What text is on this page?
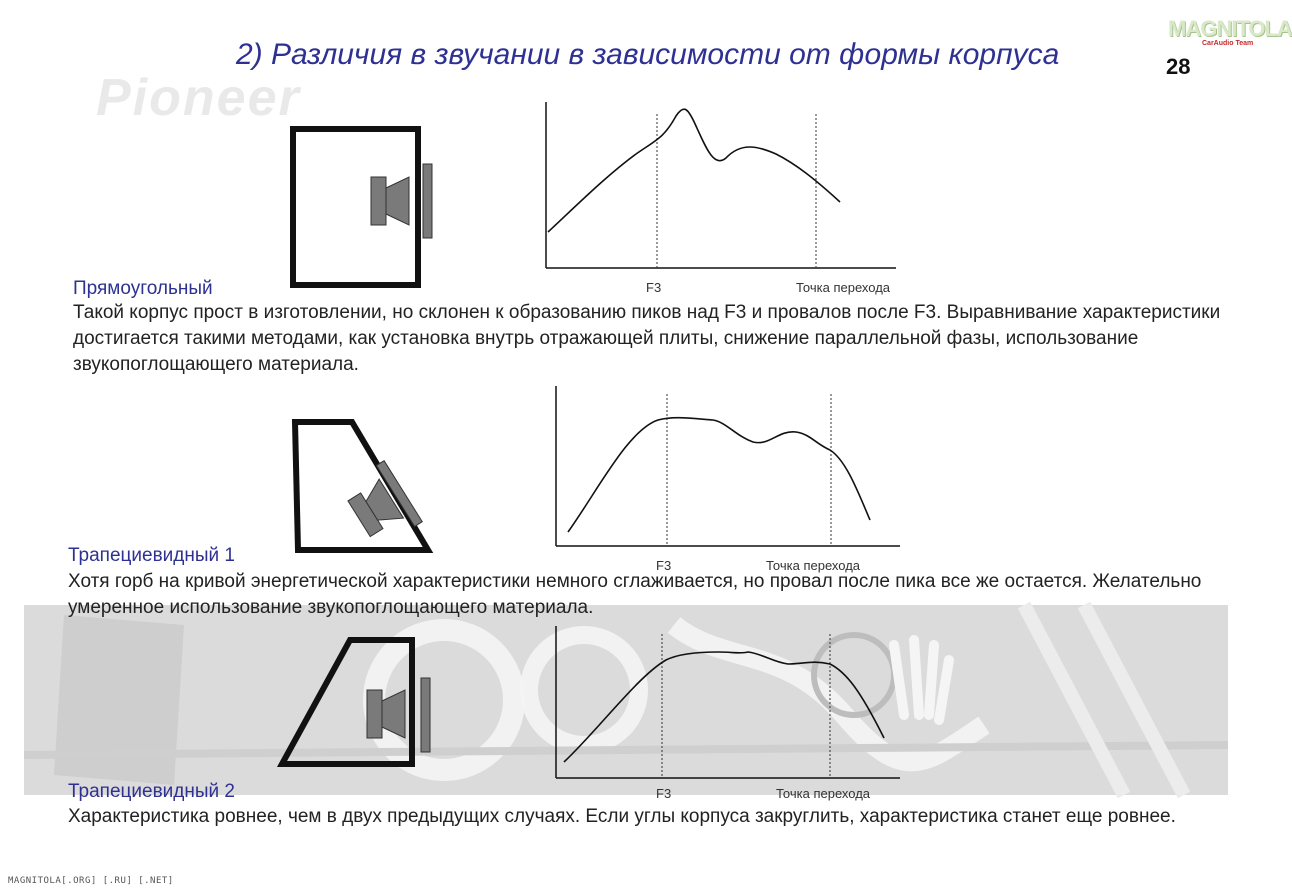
Pioneer
2) Различия в звучании в зависимости от формы корпуса
MAGNITOLA
CarAudio Team
28
F3	Точка перехода
Прямоугольный
Такой корпус прост в изготовлении, но склонен к образованию пиков над F3 и провалов после F3. Выравнивание характеристики достигается такими методами, как установка внутрь отражающей плиты, снижение параллельной фазы, использование звукопоглощающего материала.
F3	Точка перехода
Трапециевидный 1
Хотя горб на кривой энергетической характеристики немного сглаживается, но провал после пика все же остается. Желательно умеренное использование звукопоглощающего материала.
F3	Точка перехода
Трапециевидный 2
Характеристика ровнее, чем в двух предыдущих случаях. Если углы корпуса закруглить, характеристика станет еще ровнее.
MAGNITOLA[.ORG] [.RU] [.NET]
